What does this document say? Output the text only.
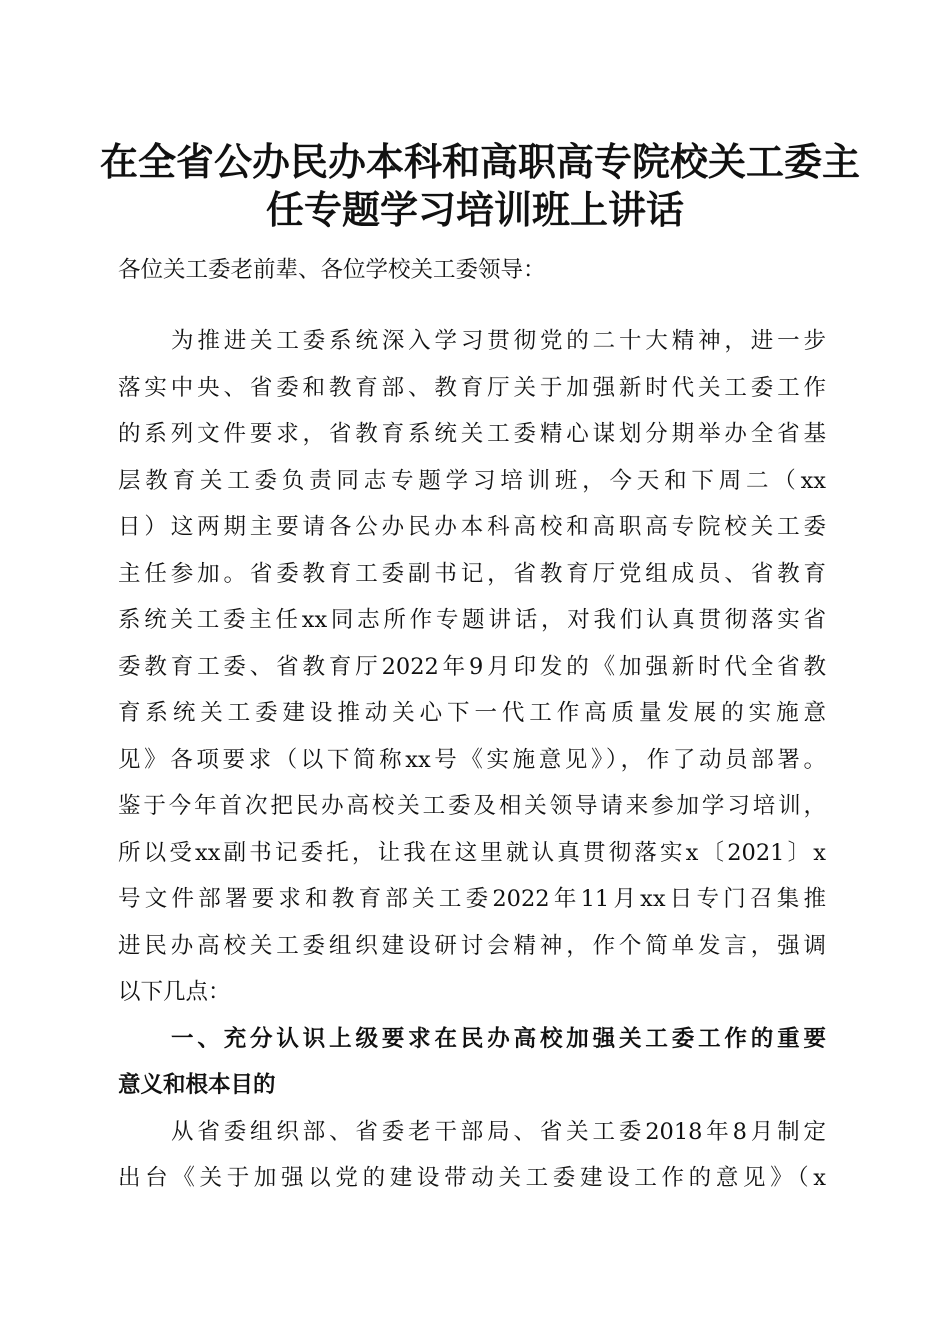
在全省公办民办本科和高职高专院校关工委主
任专题学习培训班上讲话
各位关工委老前辈、各位学校关工委领导：
为推进关工委系统深入学习贯彻党的二十大精神，进一步
落实中央、省委和教育部、教育厅关于加强新时代关工委工作
的系列文件要求，省教育系统关工委精心谋划分期举办全省基
层教育关工委负责同志专题学习培训班，今天和下周二（xx
日）这两期主要请各公办民办本科高校和高职高专院校关工委
主任参加。省委教育工委副书记，省教育厅党组成员、省教育
系统关工委主任xx同志所作专题讲话，对我们认真贯彻落实省
委教育工委、省教育厅2022年9月印发的《加强新时代全省教
育系统关工委建设推动关心下一代工作高质量发展的实施意
见》各项要求（以下简称xx号《实施意见》），作了动员部署。
鉴于今年首次把民办高校关工委及相关领导请来参加学习培训，
所以受xx副书记委托，让我在这里就认真贯彻落实x〔2021〕x
号文件部署要求和教育部关工委2022年11月xx日专门召集推
进民办高校关工委组织建设研讨会精神，作个简单发言，强调
以下几点：
一、充分认识上级要求在民办高校加强关工委工作的重要
意义和根本目的
从省委组织部、省委老干部局、省关工委2018年8月制定
出台《关于加强以党的建设带动关工委建设工作的意见》（x
